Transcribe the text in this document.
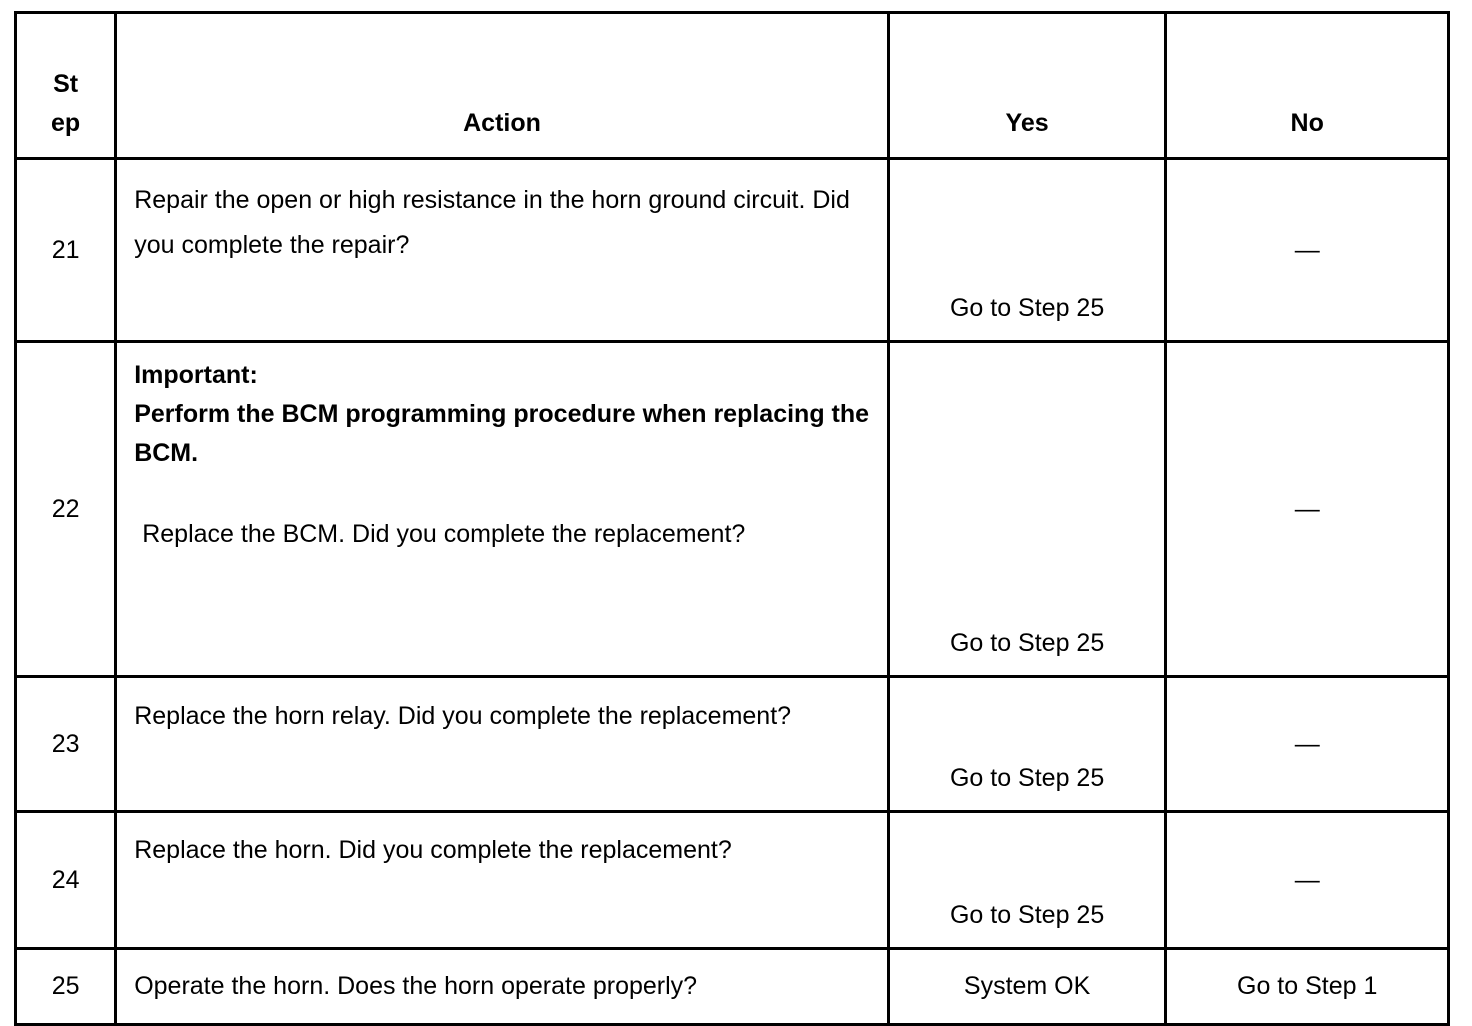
St
ep	Action	Yes	No

21	Repair the open or high resistance in the horn ground circuit. Did you complete the repair?	Go to Step 25	—
22	Important:
Perform the BCM programming procedure when replacing the BCM.
Replace the BCM. Did you complete the replacement?	Go to Step 25	—
23	Replace the horn relay. Did you complete the replacement?	Go to Step 25	—
24	Replace the horn. Did you complete the replacement?	Go to Step 25	—
25	Operate the horn. Does the horn operate properly?	System OK	Go to Step 1
